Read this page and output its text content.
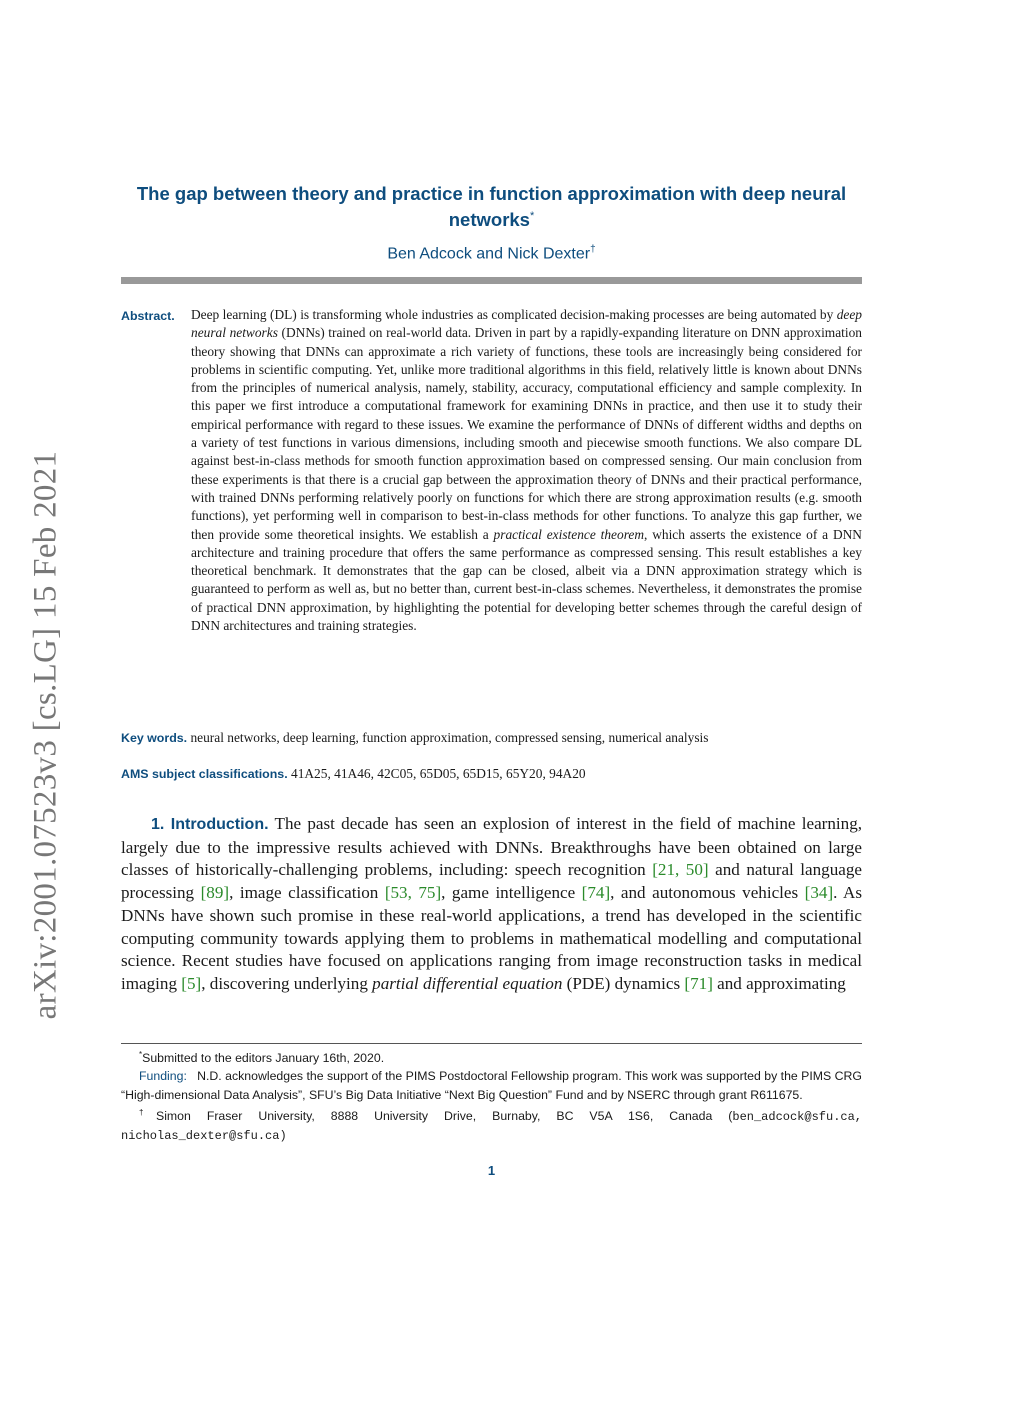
arXiv:2001.07523v3 [cs.LG] 15 Feb 2021
The gap between theory and practice in function approximation with deep neural networks*
Ben Adcock and Nick Dexter†
Abstract. Deep learning (DL) is transforming whole industries as complicated decision-making processes are being automated by deep neural networks (DNNs) trained on real-world data. Driven in part by a rapidly-expanding literature on DNN approximation theory showing that DNNs can approximate a rich variety of functions, these tools are increasingly being considered for problems in scientific computing. Yet, unlike more traditional algorithms in this field, relatively little is known about DNNs from the principles of numerical analysis, namely, stability, accuracy, computational efficiency and sample complexity. In this paper we first introduce a computational framework for examining DNNs in practice, and then use it to study their empirical performance with regard to these issues. We examine the performance of DNNs of different widths and depths on a variety of test functions in various dimensions, including smooth and piecewise smooth functions. We also compare DL against best-in-class methods for smooth function approximation based on compressed sensing. Our main conclusion from these experiments is that there is a crucial gap between the approximation theory of DNNs and their practical performance, with trained DNNs performing relatively poorly on functions for which there are strong approximation results (e.g. smooth functions), yet performing well in comparison to best-in-class methods for other functions. To analyze this gap further, we then provide some theoretical insights. We establish a practical existence theorem, which asserts the existence of a DNN architecture and training procedure that offers the same performance as compressed sensing. This result establishes a key theoretical benchmark. It demonstrates that the gap can be closed, albeit via a DNN approximation strategy which is guaranteed to perform as well as, but no better than, current best-in-class schemes. Nevertheless, it demonstrates the promise of practical DNN approximation, by highlighting the potential for developing better schemes through the careful design of DNN architectures and training strategies.
Key words. neural networks, deep learning, function approximation, compressed sensing, numerical analysis
AMS subject classifications. 41A25, 41A46, 42C05, 65D05, 65D15, 65Y20, 94A20

1. Introduction. The past decade has seen an explosion of interest in the field of machine learning, largely due to the impressive results achieved with DNNs. Breakthroughs have been obtained on large classes of historically-challenging problems, including: speech recognition [21, 50] and natural language processing [89], image classification [53, 75], game intelligence [74], and autonomous vehicles [34]. As DNNs have shown such promise in these real-world applications, a trend has developed in the scientific computing community towards applying them to problems in mathematical modelling and computational science. Recent studies have focused on applications ranging from image reconstruction tasks in medical imaging [5], discovering underlying partial differential equation (PDE) dynamics [71] and approximating

*Submitted to the editors January 16th, 2020.

Funding: N.D. acknowledges the support of the PIMS Postdoctoral Fellowship program. This work was supported by the PIMS CRG “High-dimensional Data Analysis”, SFU’s Big Data Initiative “Next Big Question” Fund and by NSERC through grant R611675.

†Simon Fraser University, 8888 University Drive, Burnaby, BC V5A 1S6, Canada (ben_adcock@sfu.ca, nicholas_dexter@sfu.ca)

1
